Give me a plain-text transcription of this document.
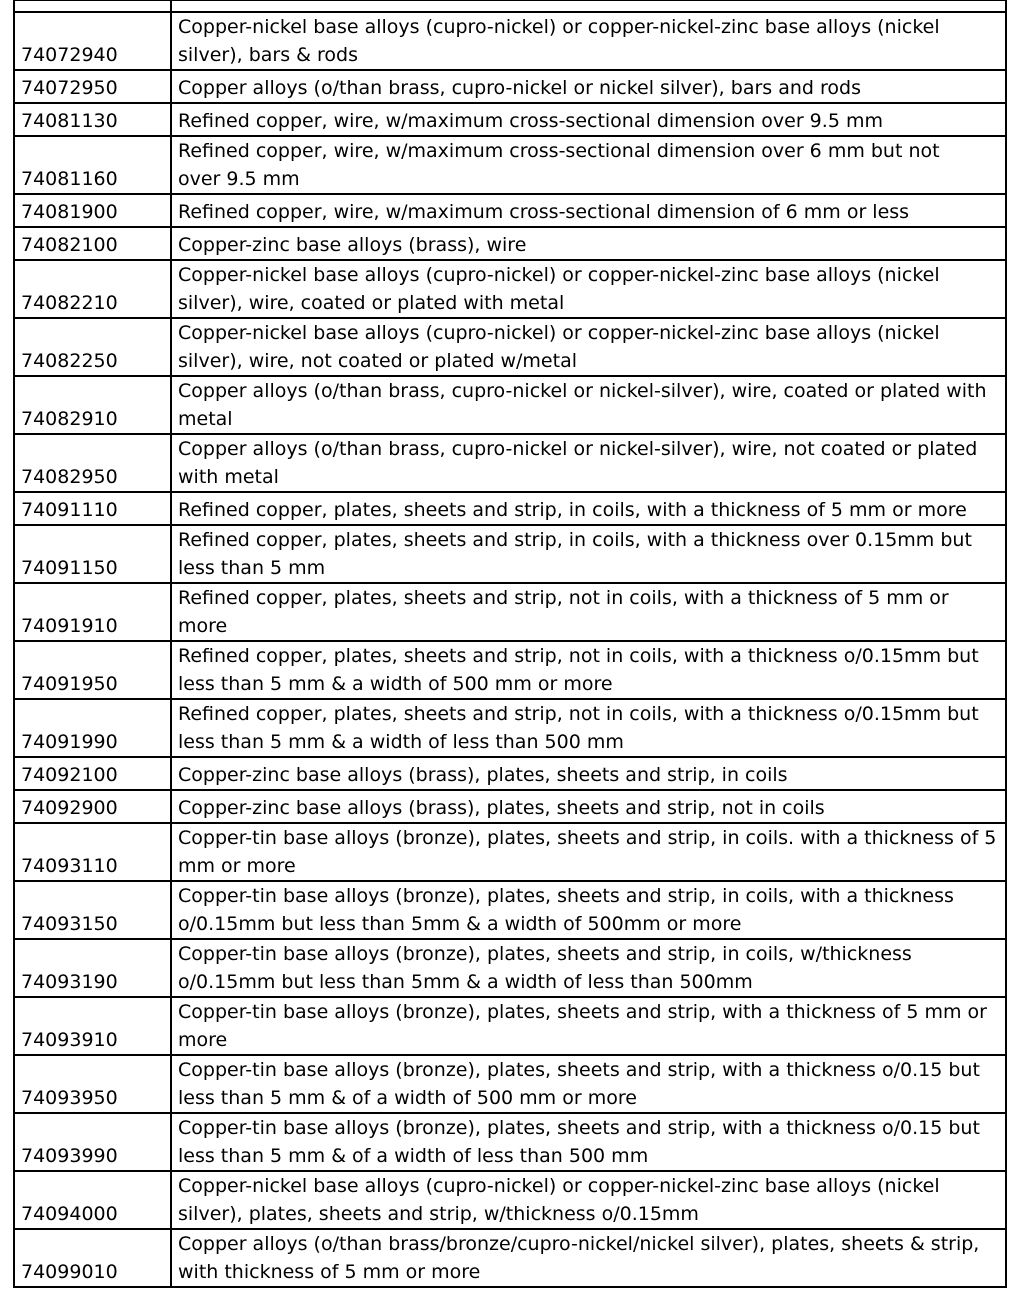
74072940	Copper-nickel base alloys (cupro-nickel) or copper-nickel-zinc base alloys (nickel
silver), bars & rods

74072950	Copper alloys (o/than brass, cupro-nickel or nickel silver), bars and rods

74081130	Refined copper, wire, w/maximum cross-sectional dimension over 9.5 mm

74081160	Refined copper, wire, w/maximum cross-sectional dimension over 6 mm but not
over 9.5 mm

74081900	Refined copper, wire, w/maximum cross-sectional dimension of 6 mm or less

74082100	Copper-zinc base alloys (brass), wire

74082210	Copper-nickel base alloys (cupro-nickel) or copper-nickel-zinc base alloys (nickel
silver), wire, coated or plated with metal

74082250	Copper-nickel base alloys (cupro-nickel) or copper-nickel-zinc base alloys (nickel
silver), wire, not coated or plated w/metal

74082910	Copper alloys (o/than brass, cupro-nickel or nickel-silver), wire, coated or plated with
metal

74082950	Copper alloys (o/than brass, cupro-nickel or nickel-silver), wire, not coated or plated
with metal

74091110	Refined copper, plates, sheets and strip, in coils, with a thickness of 5 mm or more

74091150	Refined copper, plates, sheets and strip, in coils, with a thickness over 0.15mm but
less than 5 mm

74091910	Refined copper, plates, sheets and strip, not in coils, with a thickness of 5 mm or
more

74091950	Refined copper, plates, sheets and strip, not in coils, with a thickness o/0.15mm but
less than 5 mm & a width of 500 mm or more

74091990	Refined copper, plates, sheets and strip, not in coils, with a thickness o/0.15mm but
less than 5 mm & a width of less than 500 mm

74092100	Copper-zinc base alloys (brass), plates, sheets and strip, in coils

74092900	Copper-zinc base alloys (brass), plates, sheets and strip, not in coils

74093110	Copper-tin base alloys (bronze), plates, sheets and strip, in coils. with a thickness of 5
mm or more

74093150	Copper-tin base alloys (bronze), plates, sheets and strip, in coils, with a thickness
o/0.15mm but less than 5mm & a width of 500mm or more

74093190	Copper-tin base alloys (bronze), plates, sheets and strip, in coils, w/thickness
o/0.15mm but less than 5mm & a width of less than 500mm

74093910	Copper-tin base alloys (bronze), plates, sheets and strip, with a thickness of 5 mm or
more

74093950	Copper-tin base alloys (bronze), plates, sheets and strip, with a thickness o/0.15 but
less than 5 mm & of a width of 500 mm or more

74093990	Copper-tin base alloys (bronze), plates, sheets and strip, with a thickness o/0.15 but
less than 5 mm & of a width of less than 500 mm

74094000	Copper-nickel base alloys (cupro-nickel) or copper-nickel-zinc base alloys (nickel
silver), plates, sheets and strip, w/thickness o/0.15mm

74099010	Copper alloys (o/than brass/bronze/cupro-nickel/nickel silver), plates, sheets & strip,
with thickness of 5 mm or more
